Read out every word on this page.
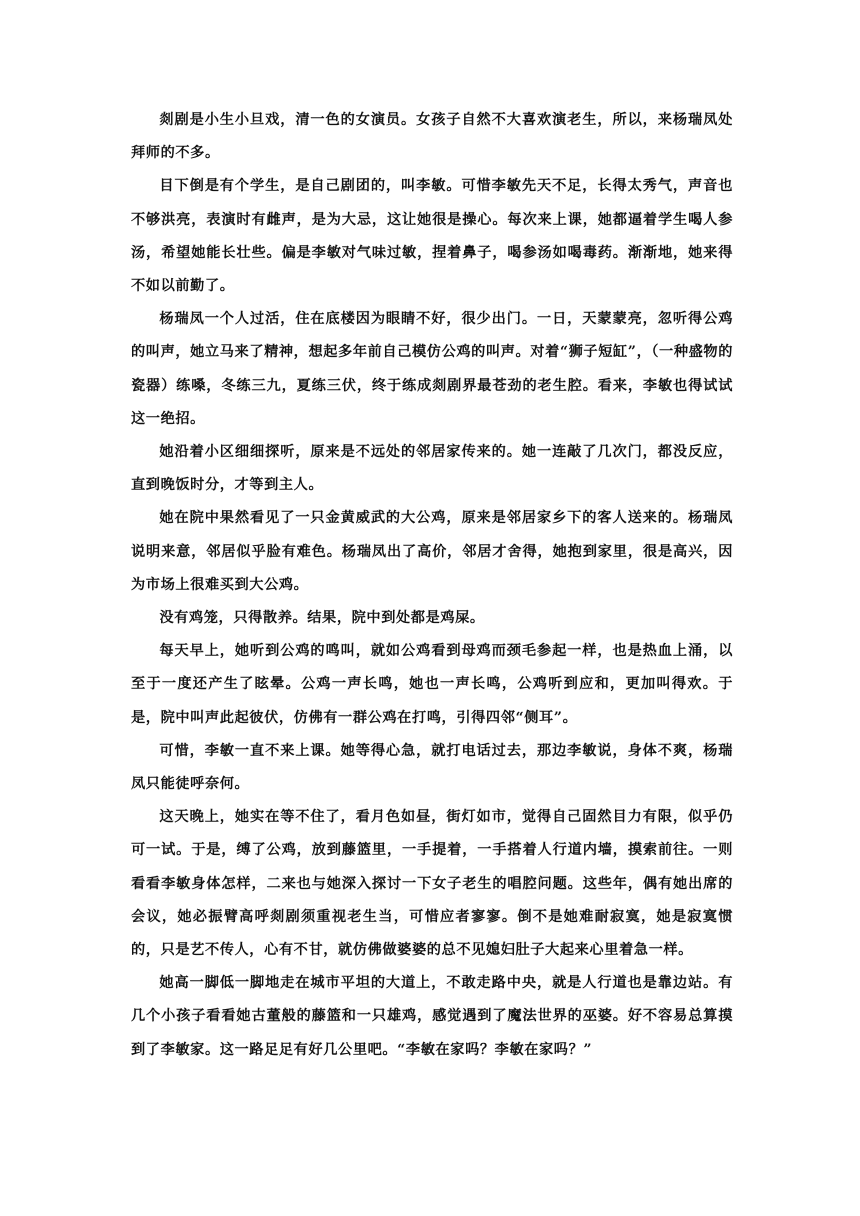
剡剧是小生小旦戏，清一色的女演员。女孩子自然不大喜欢演老生，所以，来杨瑞凤处拜师的不多。

目下倒是有个学生，是自己剧团的，叫李敏。可惜李敏先天不足，长得太秀气，声音也不够洪亮，表演时有雌声，是为大忌，这让她很是操心。每次来上课，她都逼着学生喝人参汤，希望她能长壮些。偏是李敏对气味过敏，捏着鼻子，喝参汤如喝毒药。渐渐地，她来得不如以前勤了。

杨瑞凤一个人过活，住在底楼因为眼睛不好，很少出门。一日，天蒙蒙亮，忽听得公鸡的叫声，她立马来了精神，想起多年前自己模仿公鸡的叫声。对着“狮子短缸”，（一种盛物的瓷器）练嗓，冬练三九，夏练三伏，终于练成剡剧界最苍劲的老生腔。看来，李敏也得试试这一绝招。

她沿着小区细细探听，原来是不远处的邻居家传来的。她一连敲了几次门，都没反应，直到晚饭时分，才等到主人。

她在院中果然看见了一只金黄威武的大公鸡，原来是邻居家乡下的客人送来的。杨瑞凤说明来意，邻居似乎脸有难色。杨瑞凤出了高价，邻居才舍得，她抱到家里，很是高兴，因为市场上很难买到大公鸡。

没有鸡笼，只得散养。结果，院中到处都是鸡屎。

每天早上，她听到公鸡的鸣叫，就如公鸡看到母鸡而颈毛参起一样，也是热血上涌，以至于一度还产生了眩晕。公鸡一声长鸣，她也一声长鸣，公鸡听到应和，更加叫得欢。于是，院中叫声此起彼伏，仿佛有一群公鸡在打鸣，引得四邻“侧耳”。

可惜，李敏一直不来上课。她等得心急，就打电话过去，那边李敏说，身体不爽，杨瑞凤只能徒呼奈何。

这天晚上，她实在等不住了，看月色如昼，街灯如市，觉得自己固然目力有限，似乎仍可一试。于是，缚了公鸡，放到藤篮里，一手提着，一手搭着人行道内墙，摸索前往。一则看看李敏身体怎样，二来也与她深入探讨一下女子老生的唱腔问题。这些年，偶有她出席的会议，她必振臂高呼剡剧须重视老生当，可惜应者寥寥。倒不是她难耐寂寞，她是寂寞惯的，只是艺不传人，心有不甘，就仿佛做婆婆的总不见媳妇肚子大起来心里着急一样。

她高一脚低一脚地走在城市平坦的大道上，不敢走路中央，就是人行道也是靠边站。有几个小孩子看看她古董般的藤篮和一只雄鸡，感觉遇到了魔法世界的巫婆。好不容易总算摸到了李敏家。这一路足足有好几公里吧。“李敏在家吗？李敏在家吗？”
